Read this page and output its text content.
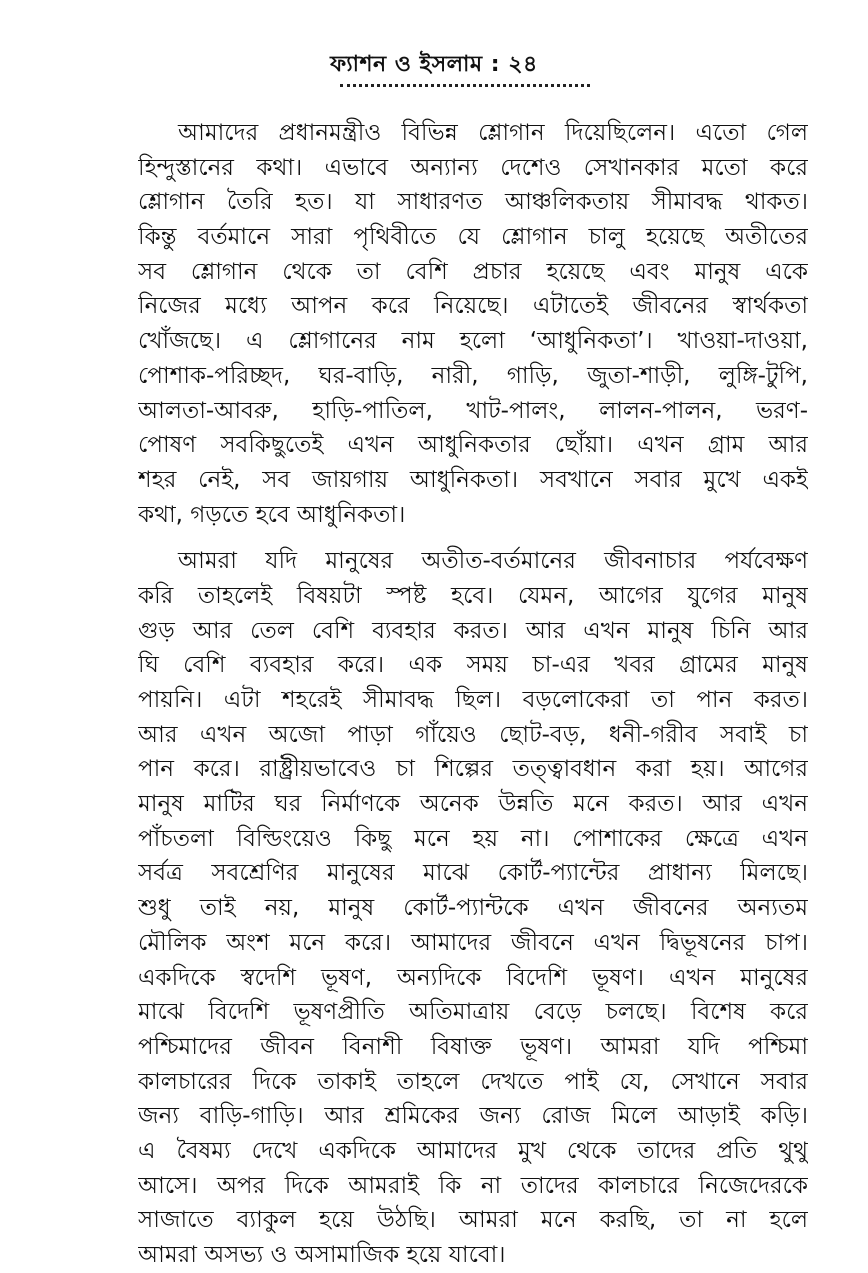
ফ্যাশন ও ইসলাম : ২৪

আমাদের প্রধানমন্ত্রীও বিভিন্ন শ্লোগান দিয়েছিলেন। এতো গেল
হিন্দুস্তানের কথা। এভাবে অন্যান্য দেশেও সেখানকার মতো করে
শ্লোগান তৈরি হত। যা সাধারণত আঞ্চলিকতায় সীমাবদ্ধ থাকত।
কিন্তু বর্তমানে সারা পৃথিবীতে যে শ্লোগান চালু হয়েছে অতীতের
সব শ্লোগান থেকে তা বেশি প্রচার হয়েছে এবং মানুষ একে
নিজের মধ্যে আপন করে নিয়েছে। এটাতেই জীবনের স্বার্থকতা
খোঁজছে। এ শ্লোগানের নাম হলো ‘আধুনিকতা’। খাওয়া-দাওয়া,
পোশাক-পরিচ্ছদ, ঘর-বাড়ি, নারী, গাড়ি, জুতা-শাড়ী, লুঙ্গি-টুপি,
আলতা-আবরু, হাড়ি-পাতিল, খাট-পালং, লালন-পালন, ভরণ-
পোষণ সবকিছুতেই এখন আধুনিকতার ছোঁয়া। এখন গ্রাম আর
শহর নেই, সব জায়গায় আধুনিকতা। সবখানে সবার মুখে একই
কথা, গড়তে হবে আধুনিকতা।

আমরা যদি মানুষের অতীত-বর্তমানের জীবনাচার পর্যবেক্ষণ
করি তাহলেই বিষয়টা স্পষ্ট হবে। যেমন, আগের যুগের মানুষ
গুড় আর তেল বেশি ব্যবহার করত। আর এখন মানুষ চিনি আর
ঘি বেশি ব্যবহার করে। এক সময় চা-এর খবর গ্রামের মানুষ
পায়নি। এটা শহরেই সীমাবদ্ধ ছিল। বড়লোকেরা তা পান করত।
আর এখন অজো পাড়া গাঁয়েও ছোট-বড়, ধনী-গরীব সবাই চা
পান করে। রাষ্ট্রীয়ভাবেও চা শিল্পের তত্ত্বাবধান করা হয়। আগের
মানুষ মাটির ঘর নির্মাণকে অনেক উন্নতি মনে করত। আর এখন
পাঁচতলা বিল্ডিংয়েও কিছু মনে হয় না। পোশাকের ক্ষেত্রে এখন
সর্বত্র সবশ্রেণির মানুষের মাঝে কোর্ট-প্যান্টের প্রাধান্য মিলছে।
শুধু তাই নয়, মানুষ কোর্ট-প্যান্টকে এখন জীবনের অন্যতম
মৌলিক অংশ মনে করে। আমাদের জীবনে এখন দ্বিভূষনের চাপ।
একদিকে স্বদেশি ভূষণ, অন্যদিকে বিদেশি ভূষণ। এখন মানুষের
মাঝে বিদেশি ভূষণপ্রীতি অতিমাত্রায় বেড়ে চলছে। বিশেষ করে
পশ্চিমাদের জীবন বিনাশী বিষাক্ত ভূষণ। আমরা যদি পশ্চিমা
কালচারের দিকে তাকাই তাহলে দেখতে পাই যে, সেখানে সবার
জন্য বাড়ি-গাড়ি। আর শ্রমিকের জন্য রোজ মিলে আড়াই কড়ি।
এ বৈষম্য দেখে একদিকে আমাদের মুখ থেকে তাদের প্রতি থুথু
আসে। অপর দিকে আমরাই কি না তাদের কালচারে নিজেদেরকে
সাজাতে ব্যাকুল হয়ে উঠছি। আমরা মনে করছি, তা না হলে
আমরা অসভ্য ও অসামাজিক হয়ে যাবো।
